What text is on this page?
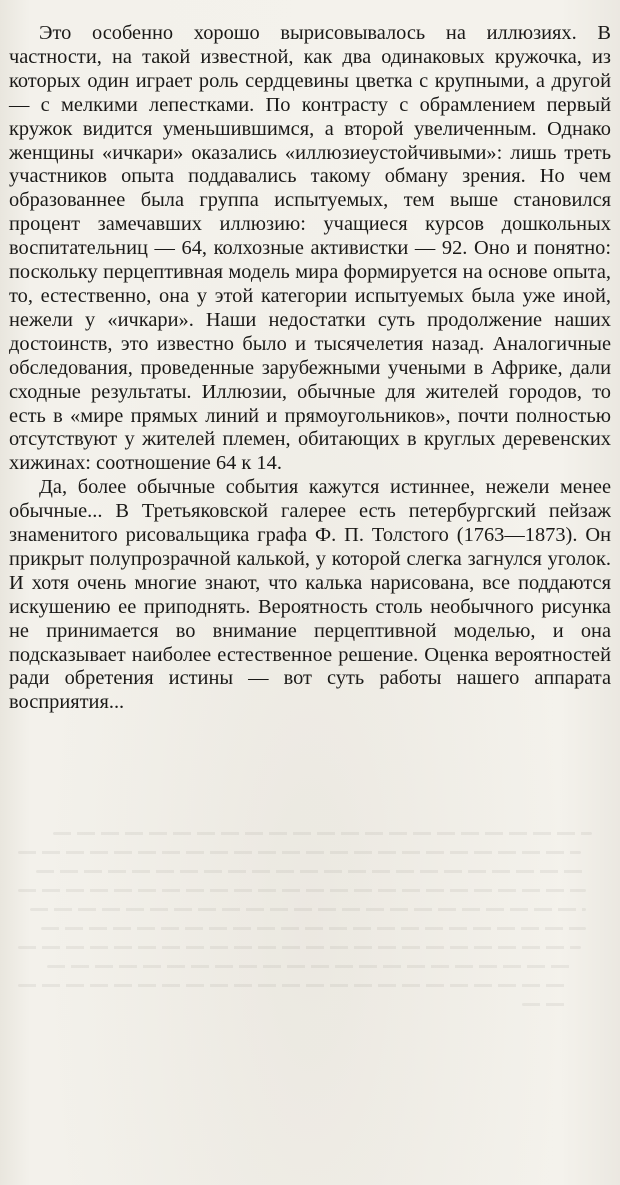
Это особенно хорошо вырисовывалось на иллюзиях. В частности, на такой известной, как два одинаковых кружочка, из которых один играет роль сердцевины цветка с крупными, а другой — с мелкими лепестками. По контрасту с обрамлением первый кружок видится уменьшившимся, а второй увеличенным. Однако женщины «ичкари» оказались «иллюзиеустойчивыми»: лишь треть участников опыта поддавались такому обману зрения. Но чем образованнее была группа испытуемых, тем выше становился процент замечавших иллюзию: учащиеся курсов дошкольных воспитательниц — 64, колхозные активистки — 92. Оно и понятно: поскольку перцептивная модель мира формируется на основе опыта, то, естественно, она у этой категории испытуемых была уже иной, нежели у «ичкари». Наши недостатки суть продолжение наших достоинств, это известно было и тысячелетия назад. Аналогичные обследования, проведенные зарубежными учеными в Африке, дали сходные результаты. Иллюзии, обычные для жителей городов, то есть в «мире прямых линий и прямоугольников», почти полностью отсутствуют у жителей племен, обитающих в круглых деревенских хижинах: соотношение 64 к 14.

Да, более обычные события кажутся истиннее, нежели менее обычные... В Третьяковской галерее есть петербургский пейзаж знаменитого рисовальщика графа Ф. П. Толстого (1763—1873). Он прикрыт полупрозрачной калькой, у которой слегка загнулся уголок. И хотя очень многие знают, что калька нарисована, все поддаются искушению ее приподнять. Вероятность столь необычного рисунка не принимается во внимание перцептивной моделью, и она подсказывает наиболее естественное решение. Оценка вероятностей ради обретения истины — вот суть работы нашего аппарата восприятия...
